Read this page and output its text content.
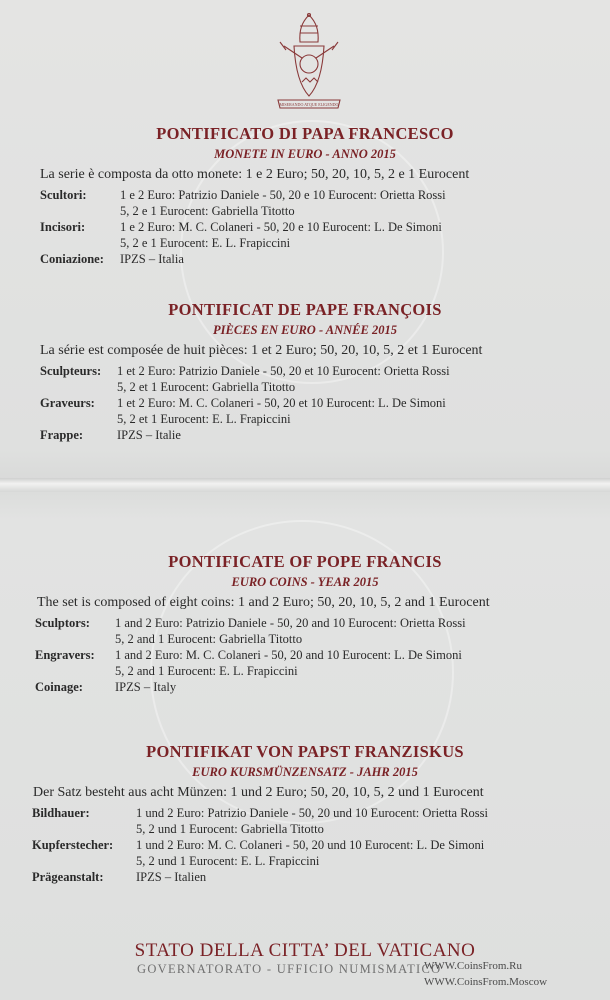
MISERANDO ATQUE ELIGENDO
PONTIFICATO DI PAPA FRANCESCO
MONETE IN EURO - ANNO 2015
La serie è composta da otto monete: 1 e 2 Euro; 50, 20, 10, 5, 2 e 1 Eurocent
Scultori:	1 e 2 Euro: Patrizio Daniele - 50, 20 e 10 Eurocent: Orietta Rossi
5, 2 e 1 Eurocent: Gabriella Titotto
Incisori:	1 e 2 Euro: M. C. Colaneri - 50, 20 e 10 Eurocent: L. De Simoni
5, 2 e 1 Eurocent: E. L. Frapiccini
Coniazione:	IPZS – Italia
PONTIFICAT DE PAPE FRANÇOIS
PIÈCES EN EURO - ANNÉE 2015
La série est composée de huit pièces: 1 et 2 Euro; 50, 20, 10, 5, 2 et 1 Eurocent
Sculpteurs:	1 et 2 Euro: Patrizio Daniele - 50, 20 et 10 Eurocent: Orietta Rossi
5, 2 et 1 Eurocent: Gabriella Titotto
Graveurs:	1 et 2 Euro: M. C. Colaneri - 50, 20 et 10 Eurocent: L. De Simoni
5, 2 et 1 Eurocent: E. L. Frapiccini
Frappe:	IPZS – Italie
PONTIFICATE OF POPE FRANCIS
EURO COINS - YEAR 2015
The set is composed of eight coins: 1 and 2 Euro; 50, 20, 10, 5, 2 and 1 Eurocent
Sculptors:	1 and 2 Euro: Patrizio Daniele - 50, 20 and 10 Eurocent: Orietta Rossi
5, 2 and 1 Eurocent: Gabriella Titotto
Engravers:	1 and 2 Euro: M. C. Colaneri - 50, 20 and 10 Eurocent: L. De Simoni
5, 2 and 1 Eurocent: E. L. Frapiccini
Coinage:	IPZS – Italy
PONTIFIKAT VON PAPST FRANZISKUS
EURO KURSMÜNZENSATZ - JAHR 2015
Der Satz besteht aus acht Münzen: 1 und 2 Euro; 50, 20, 10, 5, 2 und 1 Eurocent
Bildhauer:	1 und 2 Euro: Patrizio Daniele - 50, 20 und 10 Eurocent: Orietta Rossi
5, 2 und 1 Eurocent: Gabriella Titotto
Kupferstecher:	1 und 2 Euro: M. C. Colaneri - 50, 20 und 10 Eurocent: L. De Simoni
5, 2 und 1 Eurocent: E. L. Frapiccini
Prägeanstalt:	IPZS – Italien
STATO DELLA CITTA’ DEL VATICANO
GOVERNATORATO - UFFICIO NUMISMATICO
WWW.CoinsFrom.Ru
WWW.CoinsFrom.Moscow
